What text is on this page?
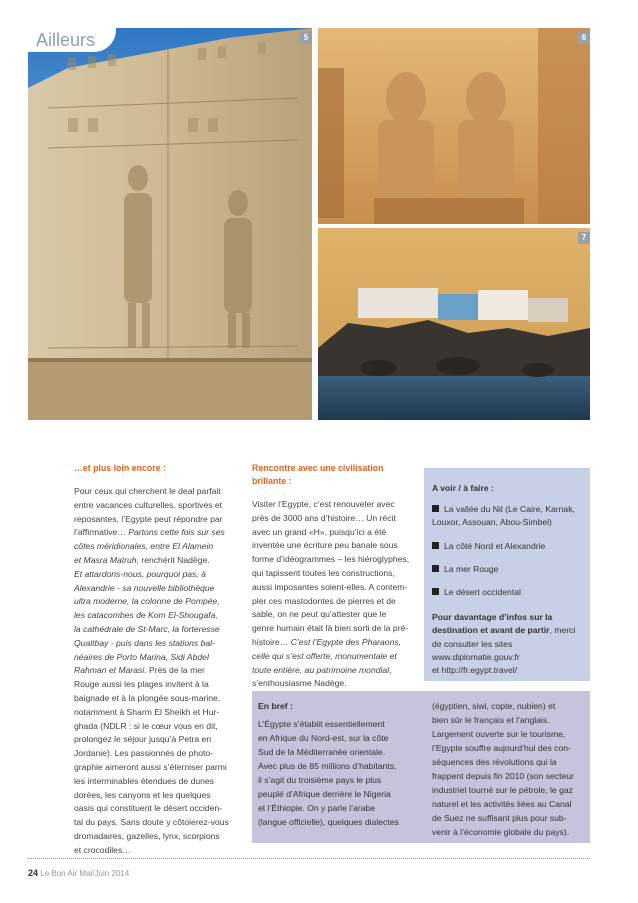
5
Ailleurs	6
7

…et plus loin encore :

Pour ceux qui cherchent le deal parfait

entre vacances culturelles, sportives et

reposantes, l’Egypte peut répondre par

l’affirmative… Partons cette fois sur ses

côtes méridionales, entre El Alamein

et Masra Matruh, renchérit Nadège.

Et attardons-nous, pourquoi pas, à

Alexandrie - sa nouvelle bibliothèque

ultra moderne, la colonne de Pompée,

les catacombes de Kom El-Shougafa,

la cathédrale de St-Marc, la forteresse

Quaitbay - puis dans les stations bal-

néaires de Porto Marina, Sidi Abdel

Rahman et Marasi. Près de la mer

Rouge aussi les plages invitent à la

baignade et à la plongée sous-marine,

notamment à Sharm El Sheikh et Hur-

ghada (NDLR : si le cœur vous en dit,

prolongez le séjour jusqu’à Petra en

Jordanie). Les passionnés de photo-

graphie aimeront aussi s’éterniser parmi

les interminables étendues de dunes

dorées, les canyons et les quelques

oasis qui constituent le désert occiden-

tal du pays. Sans doute y côtoierez-vous

dromadaires, gazelles, lynx, scorpions

et crocodiles…

Rencontre avec une civilisation

brillante :

Visiter l’Egypte, c’est renouveler avec

près de 3000 ans d’histoire… Un récit

avec un grand «H», puisqu’ici a été

inventée une écriture peu banale sous

forme d’idéogrammes – les hiéroglyphes,

qui tapissent toutes les constructions,

aussi imposantes soient-elles. A contem-

pler ces mastodontes de pierres et de

sable, on ne peut qu’attester que le

genre humain était là bien sorti de la pré-

histoire… C’est l’Egypte des Pharaons,

celle qui s’est offerte, monumentale et

toute entière, au patrimoine mondial,

s’enthousiasme Nadège.

A voir / à faire :
La vallée du Nil (Le Caire, Karnak, Louxor, Assouan, Abou-Simbel)
La côté Nord et Alexandrie
La mer Rouge
Le désert occidental
Pour davantage d’infos sur la destination et avant de partir, merci de consulter les sites
www.diplomatie.gouv.fr
et http://fr.egypt.travel/
En bref :
L’Égypte s’établit essentiellement
en Afrique du Nord-est, sur la côte
Sud de la Méditerranée orientale.
Avec plus de 85 millions d’habitants,
il s’agit du troisième pays le plus
peuplé d’Afrique derrière le Nigeria
et l’Éthiopie. On y parle l’arabe
(langue officielle), quelques dialectes
(égyptien, siwi, copte, nubien) et
bien sûr le français et l’anglais.
Largement ouverte sur le tourisme,
l’Egypte souffre aujourd’hui des con-
séquences des révolutions qui la
frappent depuis fin 2010 (son secteur
industriel tourné sur le pétrole, le gaz
naturel et les activités liées au Canal
de Suez ne suffisant plus pour sub-
venir à l’économie globale du pays).
24 Le Bon Air Mai/Juin 2014
